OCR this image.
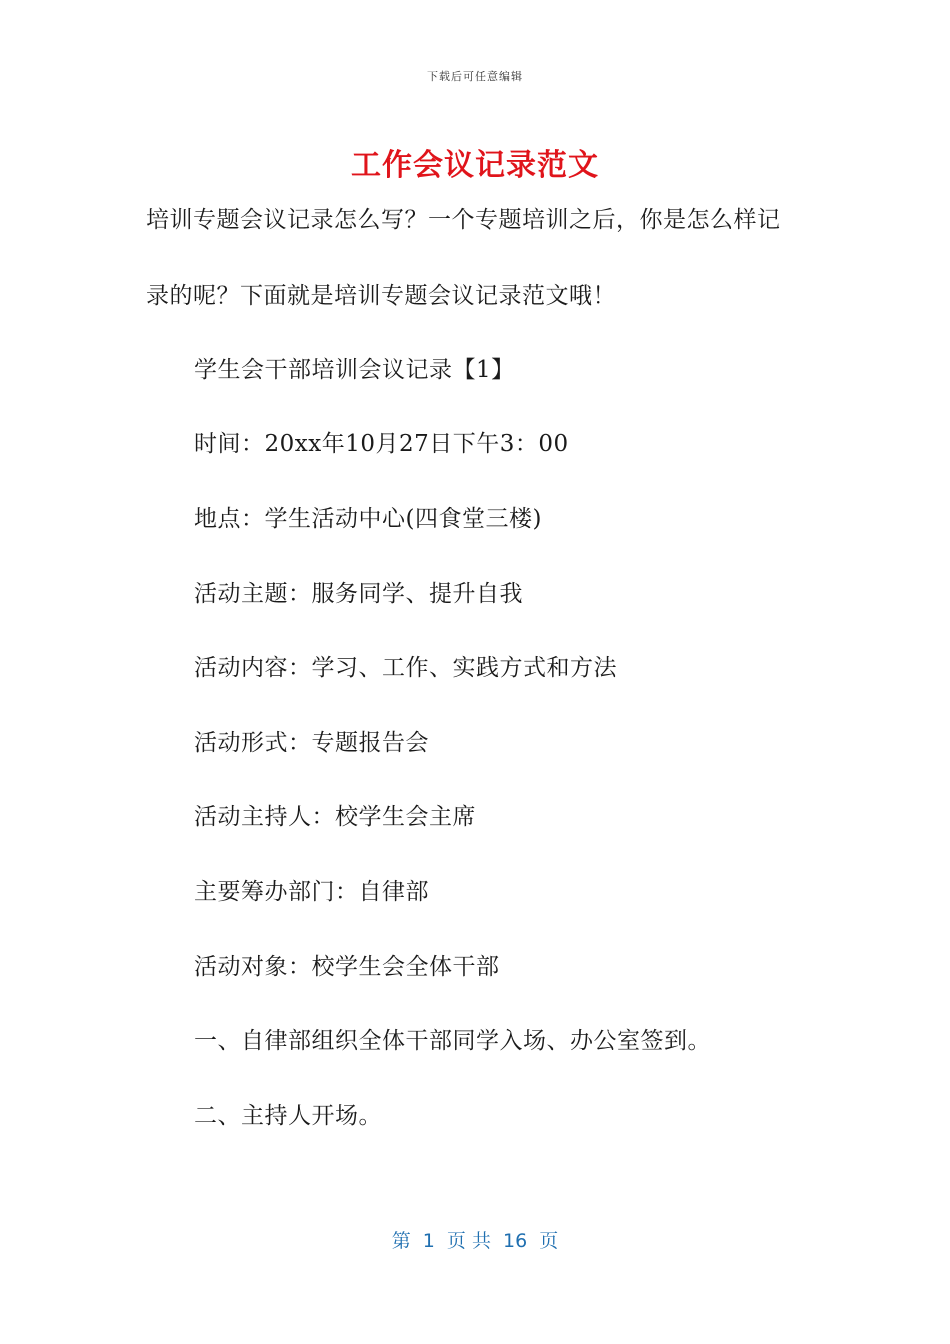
下载后可任意编辑
工作会议记录范文
培训专题会议记录怎么写？一个专题培训之后，你是怎么样记
录的呢？下面就是培训专题会议记录范文哦！
学生会干部培训会议记录【1】
时间：20xx年10月27日下午3：00
地点：学生活动中心(四食堂三楼)
活动主题：服务同学、提升自我
活动内容：学习、工作、实践方式和方法
活动形式：专题报告会
活动主持人：校学生会主席
主要筹办部门：自律部
活动对象：校学生会全体干部
一、自律部组织全体干部同学入场、办公室签到。
二、主持人开场。
第  1  页 共  16  页
